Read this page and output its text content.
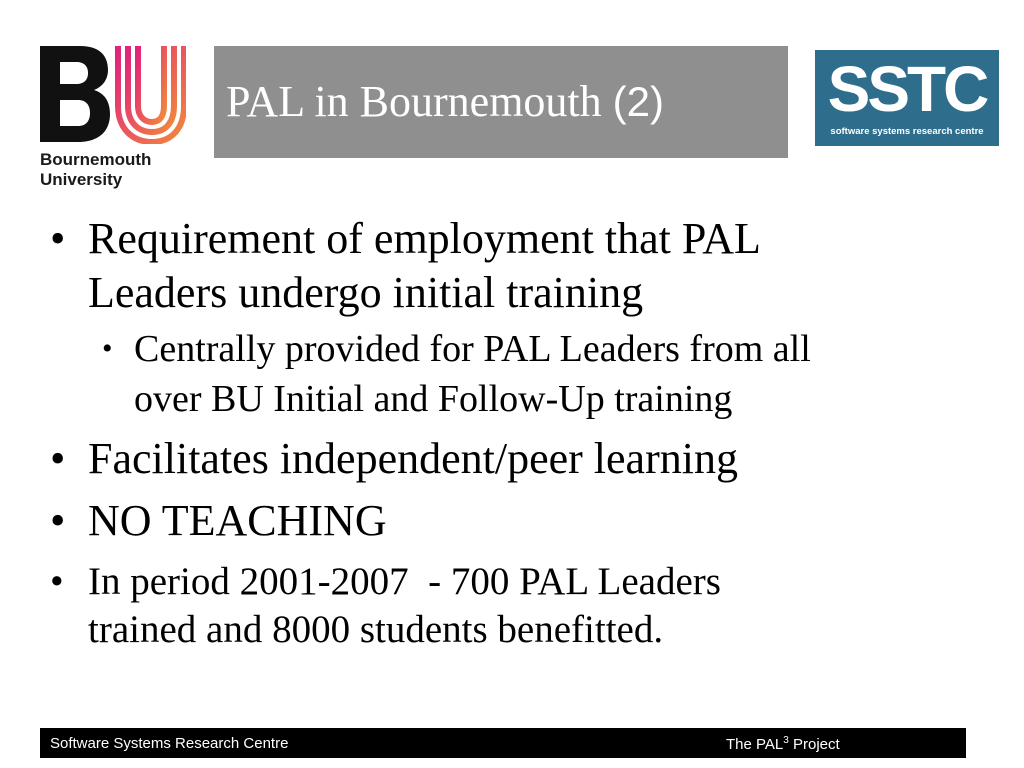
Bournemouth
University
PAL in Bournemouth (2)	SSTC
software systems research centre
• Requirement of employment that PAL
Leaders undergo initial training
• Centrally provided for PAL Leaders from all
over BU Initial and Follow-Up training
• Facilitates independent/peer learning
• NO TEACHING
• In period 2001-2007  - 700 PAL Leaders
trained and 8000 students benefitted.
Software Systems Research Centre	The PAL$^3$ Project
